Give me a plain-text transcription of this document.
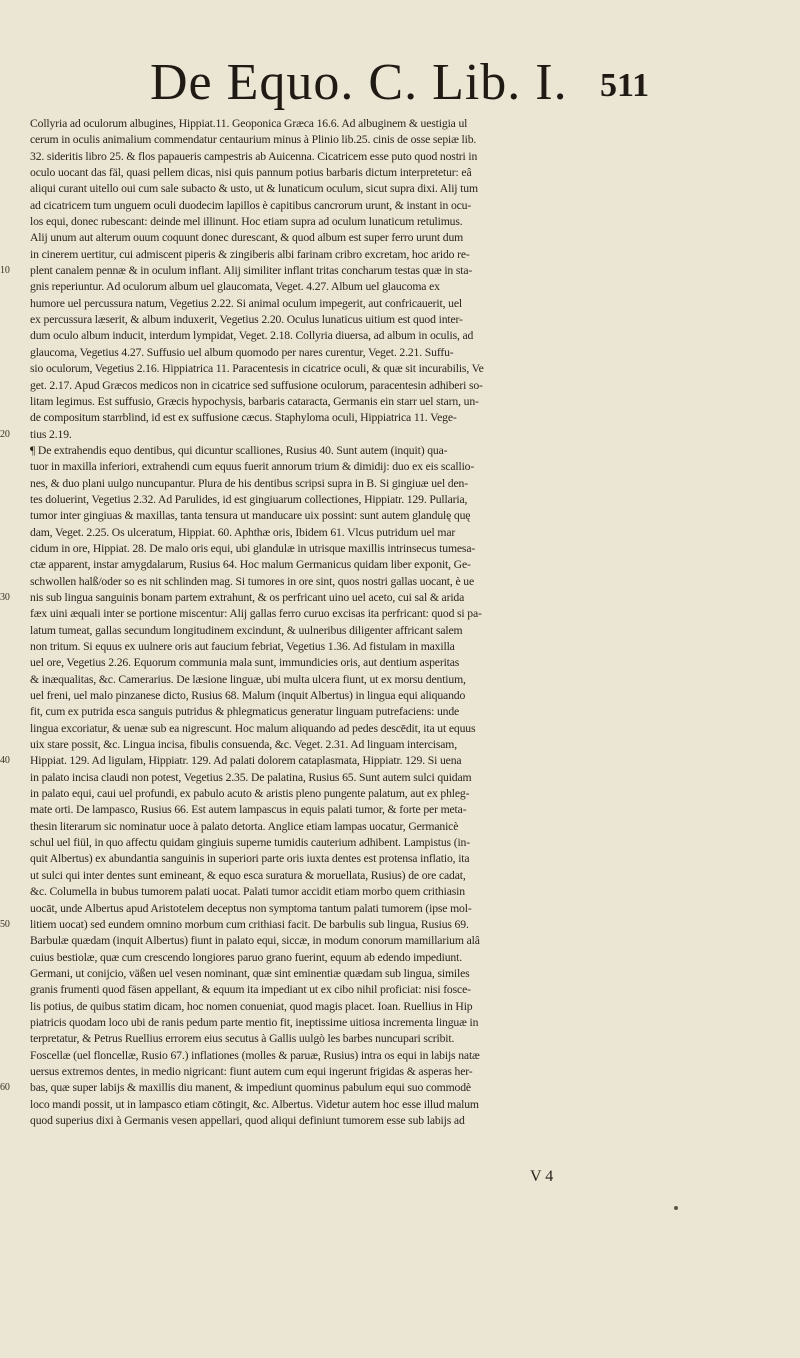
De Equo. C. Lib. I. 511
Collyria ad oculorum albugines, Hippiat.11. Geoponica Græca 16.6. Ad albuginem & uestigia ul
cerum in oculis animalium commendatur centaurium minus à Plinio lib.25. cinis de osse sepiæ lib.
32. sideritis libro 25. & flos papaueris campestris ab Auicenna. Cicatricem esse puto quod nostri in
oculo uocant das fäl, quasi pellem dicas, nisi quis pannum potius barbaris dictum interpretetur: eâ
aliqui curant uitello oui cum sale subacto & usto, ut & lunaticum oculum, sicut supra dixi. Alij tum
ad cicatricem tum unguem oculi duodecim lapillos è capitibus cancrorum urunt, & instant in ocu-
los equi, donec rubescant: deinde mel illinunt. Hoc etiam supra ad oculum lunaticum retulimus.
Alij unum aut alterum ouum coquunt donec durescant, & quod album est super ferro urunt dum
in cinerem uertitur, cui admiscent piperis & zingiberis albi farinam cribro excretam, hoc arido re-
10	plent canalem pennæ & in oculum inflant. Alij similiter inflant tritas concharum testas quæ in sta-
gnis reperiuntur. Ad oculorum album uel glaucomata, Veget. 4.27. Album uel glaucoma ex
humore uel percussura natum, Vegetius 2.22. Si animal oculum impegerit, aut confricauerit, uel
ex percussura læserit, & album induxerit, Vegetius 2.20. Oculus lunaticus uitium est quod inter-
dum oculo album inducit, interdum lympidat, Veget. 2.18. Collyria diuersa, ad album in oculis, ad
glaucoma, Vegetius 4.27. Suffusio uel album quomodo per nares curentur, Veget. 2.21. Suffu-
sio oculorum, Vegetius 2.16. Hippiatrica 11. Paracentesis in cicatrice oculi, & quæ sit incurabilis, Ve
get. 2.17. Apud Græcos medicos non in cicatrice sed suffusione oculorum, paracentesin adhiberi so-
litam legimus. Est suffusio, Græcis hypochysis, barbaris cataracta, Germanis ein starr uel starn, un-
de compositum starrblind, id est ex suffusione cæcus. Staphyloma oculi, Hippiatrica 11. Vege-
20	tius 2.19.
¶ De extrahendis equo dentibus, qui dicuntur scalliones, Rusius 40. Sunt autem (inquit) qua-
tuor in maxilla inferiori, extrahendi cum equus fuerit annorum trium & dimidij: duo ex eis scallio-
nes, & duo plani uulgo nuncupantur. Plura de his dentibus scripsi supra in B. Si gingiuæ uel den-
tes doluerint, Vegetius 2.32. Ad Parulides, id est gingiuarum collectiones, Hippiatr. 129. Pullaria,
tumor inter gingiuas & maxillas, tanta tensura ut manducare uix possint: sunt autem glandulę quę
dam, Veget. 2.25. Os ulceratum, Hippiat. 60. Aphthæ oris, Ibidem 61. Vlcus putridum uel mar
cidum in ore, Hippiat. 28. De malo oris equi, ubi glandulæ in utrisque maxillis intrinsecus tumesa-
ctæ apparent, instar amygdalarum, Rusius 64. Hoc malum Germanicus quidam liber exponit, Ge-
schwollen halß/oder so es nit schlinden mag. Si tumores in ore sint, quos nostri gallas uocant, è ue
30	nis sub lingua sanguinis bonam partem extrahunt, & os perfricant uino uel aceto, cui sal & arida
fæx uini æquali inter se portione miscentur: Alij gallas ferro curuo excisas ita perfricant: quod si pa-
latum tumeat, gallas secundum longitudinem excindunt, & uulneribus diligenter affricant salem
non tritum. Si equus ex uulnere oris aut faucium febriat, Vegetius 1.36. Ad fistulam in maxilla
uel ore, Vegetius 2.26. Equorum communia mala sunt, immundicies oris, aut dentium asperitas
& inæqualitas, &c. Camerarius. De læsione linguæ, ubi multa ulcera fiunt, ut ex morsu dentium,
uel freni, uel malo pinzanese dicto, Rusius 68. Malum (inquit Albertus) in lingua equi aliquando
fit, cum ex putrida esca sanguis putridus & phlegmaticus generatur linguam putrefaciens: unde
lingua excoriatur, & uenæ sub ea nigrescunt. Hoc malum aliquando ad pedes descēdit, ita ut equus
uix stare possit, &c. Lingua incisa, fibulis consuenda, &c. Veget. 2.31. Ad linguam intercisam,
40	Hippiat. 129. Ad ligulam, Hippiatr. 129. Ad palati dolorem cataplasmata, Hippiatr. 129. Si uena
in palato incisa claudi non potest, Vegetius 2.35. De palatina, Rusius 65. Sunt autem sulci quidam
in palato equi, caui uel profundi, ex pabulo acuto & aristis pleno pungente palatum, aut ex phleg-
mate orti. De lampasco, Rusius 66. Est autem lampascus in equis palati tumor, & forte per meta-
thesin literarum sic nominatur uoce à palato detorta. Anglice etiam lampas uocatur, Germanicè
schul uel fiül, in quo affectu quidam gingiuis superne tumidis cauterium adhibent. Lampistus (in-
quit Albertus) ex abundantia sanguinis in superiori parte oris iuxta dentes est protensa inflatio, ita
ut sulci qui inter dentes sunt emineant, & equo esca suratura & moruellata, Rusius) de ore cadat,
&c. Columella in bubus tumorem palati uocat. Palati tumor accidit etiam morbo quem crithiasin
uocāt, unde Albertus apud Aristotelem deceptus non symptoma tantum palati tumorem (ipse mol-
50	litiem uocat) sed eundem omnino morbum cum crithiasi facit. De barbulis sub lingua, Rusius 69.
Barbulæ quædam (inquit Albertus) fiunt in palato equi, siccæ, in modum conorum mamillarium alâ
cuius bestiolæ, quæ cum crescendo longiores paruo grano fuerint, equum ab edendo impediunt.
Germani, ut conijcio, väßen uel vesen nominant, quæ sint eminentiæ quædam sub lingua, similes
granis frumenti quod fäsen appellant, & equum ita impediant ut ex cibo nihil proficiat: nisi fosce-
lis potius, de quibus statim dicam, hoc nomen conueniat, quod magis placet. Ioan. Ruellius in Hip
piatricis quodam loco ubi de ranis pedum parte mentio fit, ineptissime uitiosa incrementa linguæ in
terpretatur, & Petrus Ruellius errorem eius secutus à Gallis uulgò les barbes nuncupari scribit.
Foscellæ (uel floncellæ, Rusio 67.) inflationes (molles & paruæ, Rusius) intra os equi in labijs natæ
uersus extremos dentes, in medio nigricant: fiunt autem cum equi ingerunt frigidas & asperas her-
60	bas, quæ super labijs & maxillis diu manent, & impediunt quominus pabulum equi suo commodè
loco mandi possit, ut in lampasco etiam cōtingit, &c. Albertus. Videtur autem hoc esse illud malum
quod superius dixi à Germanis vesen appellari, quod aliqui definiunt tumorem esse sub labijs ad
V 4
